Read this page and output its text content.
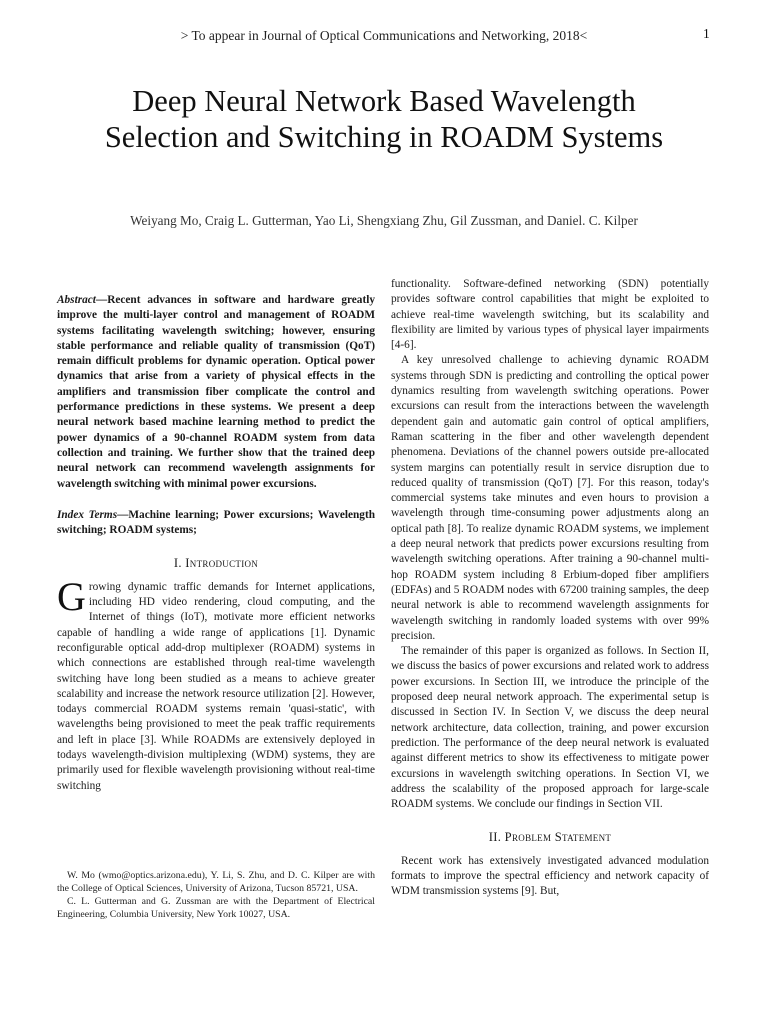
> To appear in Journal of Optical Communications and Networking, 2018<	1
Deep Neural Network Based Wavelength Selection and Switching in ROADM Systems
Weiyang Mo, Craig L. Gutterman, Yao Li, Shengxiang Zhu, Gil Zussman, and Daniel. C. Kilper

Abstract—Recent advances in software and hardware greatly improve the multi-layer control and management of ROADM systems facilitating wavelength switching; however, ensuring stable performance and reliable quality of transmission (QoT) remain difficult problems for dynamic operation. Optical power dynamics that arise from a variety of physical effects in the amplifiers and transmission fiber complicate the control and performance predictions in these systems. We present a deep neural network based machine learning method to predict the power dynamics of a 90-channel ROADM system from data collection and training. We further show that the trained deep neural network can recommend wavelength assignments for wavelength switching with minimal power excursions.

Index Terms—Machine learning; Power excursions; Wavelength switching; ROADM systems;

I. Introduction

Growing dynamic traffic demands for Internet applications, including HD video rendering, cloud computing, and the Internet of things (IoT), motivate more efficient networks capable of handling a wide range of applications [1]. Dynamic reconfigurable optical add-drop multiplexer (ROADM) systems in which connections are established through real-time wavelength switching have long been studied as a means to achieve greater scalability and increase the network resource utilization [2]. However, todays commercial ROADM systems remain 'quasi-static', with wavelengths being provisioned to meet the peak traffic requirements and left in place [3]. While ROADMs are extensively deployed in todays wavelength-division multiplexing (WDM) systems, they are primarily used for flexible wavelength provisioning without real-time switching

W. Mo (wmo@optics.arizona.edu), Y. Li, S. Zhu, and D. C. Kilper are with the College of Optical Sciences, University of Arizona, Tucson 85721, USA.

C. L. Gutterman and G. Zussman are with the Department of Electrical Engineering, Columbia University, New York 10027, USA.

functionality. Software-defined networking (SDN) potentially provides software control capabilities that might be exploited to achieve real-time wavelength switching, but its scalability and flexibility are limited by various types of physical layer impairments [4-6].

A key unresolved challenge to achieving dynamic ROADM systems through SDN is predicting and controlling the optical power dynamics resulting from wavelength switching operations. Power excursions can result from the interactions between the wavelength dependent gain and automatic gain control of optical amplifiers, Raman scattering in the fiber and other wavelength dependent phenomena. Deviations of the channel powers outside pre-allocated system margins can potentially result in service disruption due to reduced quality of transmission (QoT) [7]. For this reason, today's commercial systems take minutes and even hours to provision a wavelength through time-consuming power adjustments along an optical path [8]. To realize dynamic ROADM systems, we implement a deep neural network that predicts power excursions resulting from wavelength switching operations. After training a 90-channel multi-hop ROADM system including 8 Erbium-doped fiber amplifiers (EDFAs) and 5 ROADM nodes with 67200 training samples, the deep neural network is able to recommend wavelength assignments for wavelength switching in randomly loaded systems with over 99% precision.

The remainder of this paper is organized as follows. In Section II, we discuss the basics of power excursions and related work to address power excursions. In Section III, we introduce the principle of the proposed deep neural network approach. The experimental setup is discussed in Section IV. In Section V, we discuss the deep neural network architecture, data collection, training, and power excursion prediction. The performance of the deep neural network is evaluated against different metrics to show its effectiveness to mitigate power excursions in wavelength switching operations. In Section VI, we address the scalability of the proposed approach for large-scale ROADM systems. We conclude our findings in Section VII.

II. Problem Statement

Recent work has extensively investigated advanced modulation formats to improve the spectral efficiency and network capacity of WDM transmission systems [9]. But,
